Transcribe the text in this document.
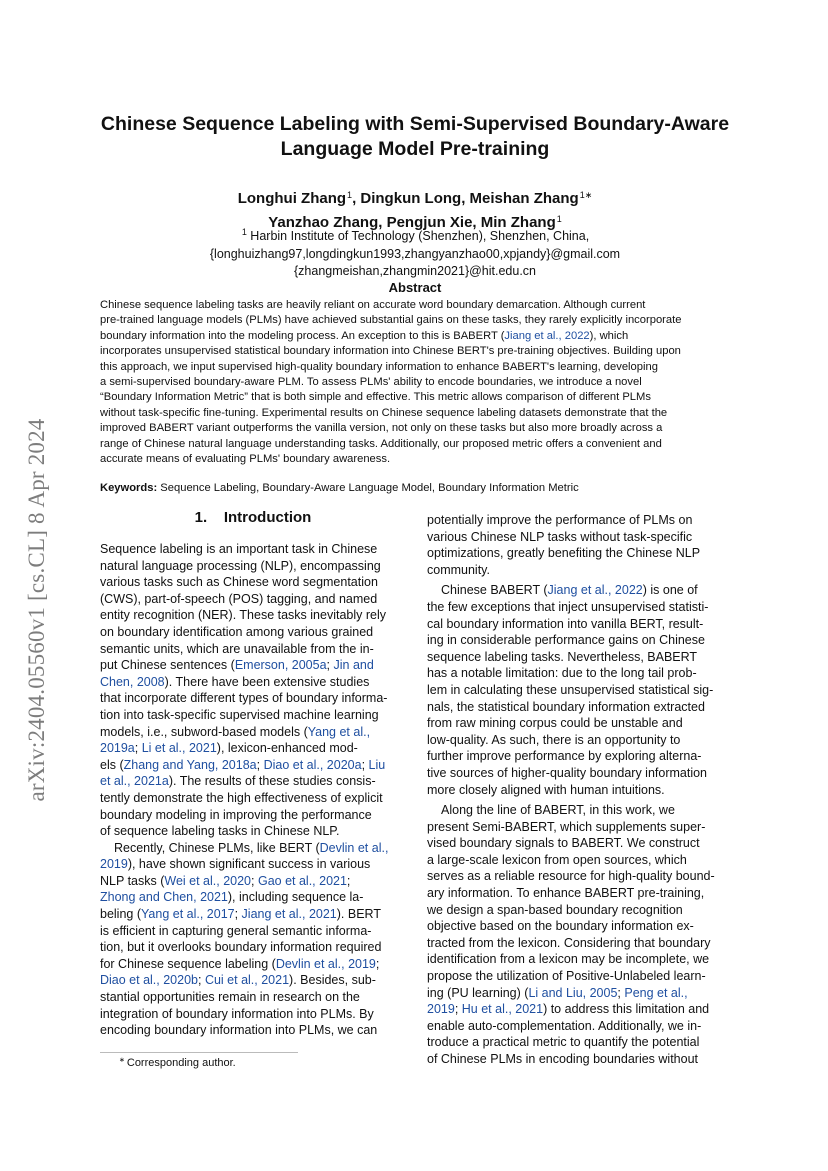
arXiv:2404.05560v1 [cs.CL] 8 Apr 2024
Chinese Sequence Labeling with Semi-Supervised Boundary-Aware
Language Model Pre-training
Longhui Zhang$^1$, Dingkun Long, Meishan Zhang$^{1∗}$
Yanzhao Zhang, Pengjun Xie, Min Zhang$^1$
$^1$ Harbin Institute of Technology (Shenzhen), Shenzhen, China,
{longhuizhang97,longdingkun1993,zhangyanzhao00,xpjandy}@gmail.com
{zhangmeishan,zhangmin2021}@hit.edu.cn
Abstract
Chinese sequence labeling tasks are heavily reliant on accurate word boundary demarcation. Although current
pre-trained language models (PLMs) have achieved substantial gains on these tasks, they rarely explicitly incorporate
boundary information into the modeling process. An exception to this is BABERT (Jiang et al., 2022), which
incorporates unsupervised statistical boundary information into Chinese BERT's pre-training objectives. Building upon
this approach, we input supervised high-quality boundary information to enhance BABERT's learning, developing
a semi-supervised boundary-aware PLM. To assess PLMs' ability to encode boundaries, we introduce a novel
“Boundary Information Metric” that is both simple and effective. This metric allows comparison of different PLMs
without task-specific fine-tuning. Experimental results on Chinese sequence labeling datasets demonstrate that the
improved BABERT variant outperforms the vanilla version, not only on these tasks but also more broadly across a
range of Chinese natural language understanding tasks. Additionally, our proposed metric offers a convenient and
accurate means of evaluating PLMs' boundary awareness.
Keywords: Sequence Labeling, Boundary-Aware Language Model, Boundary Information Metric
1. Introduction
Sequence labeling is an important task in Chinese
natural language processing (NLP), encompassing
various tasks such as Chinese word segmentation
(CWS), part-of-speech (POS) tagging, and named
entity recognition (NER). These tasks inevitably rely
on boundary identification among various grained
semantic units, which are unavailable from the in-
put Chinese sentences (Emerson, 2005a; Jin and
Chen, 2008). There have been extensive studies
that incorporate different types of boundary informa-
tion into task-specific supervised machine learning
models, i.e., subword-based models (Yang et al.,
2019a; Li et al., 2021), lexicon-enhanced mod-
els (Zhang and Yang, 2018a; Diao et al., 2020a; Liu
et al., 2021a). The results of these studies consis-
tently demonstrate the high effectiveness of explicit
boundary modeling in improving the performance
of sequence labeling tasks in Chinese NLP.
Recently, Chinese PLMs, like BERT (Devlin et al.,
2019), have shown significant success in various
NLP tasks (Wei et al., 2020; Gao et al., 2021;
Zhong and Chen, 2021), including sequence la-
beling (Yang et al., 2017; Jiang et al., 2021). BERT
is efficient in capturing general semantic informa-
tion, but it overlooks boundary information required
for Chinese sequence labeling (Devlin et al., 2019;
Diao et al., 2020b; Cui et al., 2021). Besides, sub-
stantial opportunities remain in research on the
integration of boundary information into PLMs. By
encoding boundary information into PLMs, we can
potentially improve the performance of PLMs on
various Chinese NLP tasks without task-specific
optimizations, greatly benefiting the Chinese NLP
community.
Chinese BABERT (Jiang et al., 2022) is one of
the few exceptions that inject unsupervised statisti-
cal boundary information into vanilla BERT, result-
ing in considerable performance gains on Chinese
sequence labeling tasks. Nevertheless, BABERT
has a notable limitation: due to the long tail prob-
lem in calculating these unsupervised statistical sig-
nals, the statistical boundary information extracted
from raw mining corpus could be unstable and
low-quality. As such, there is an opportunity to
further improve performance by exploring alterna-
tive sources of higher-quality boundary information
more closely aligned with human intuitions.
Along the line of BABERT, in this work, we
present Semi-BABERT, which supplements super-
vised boundary signals to BABERT. We construct
a large-scale lexicon from open sources, which
serves as a reliable resource for high-quality bound-
ary information. To enhance BABERT pre-training,
we design a span-based boundary recognition
objective based on the boundary information ex-
tracted from the lexicon. Considering that boundary
identification from a lexicon may be incomplete, we
propose the utilization of Positive-Unlabeled learn-
ing (PU learning) (Li and Liu, 2005; Peng et al.,
2019; Hu et al., 2021) to address this limitation and
enable auto-complementation. Additionally, we in-
troduce a practical metric to quantify the potential
of Chinese PLMs in encoding boundaries without
∗ Corresponding author.
